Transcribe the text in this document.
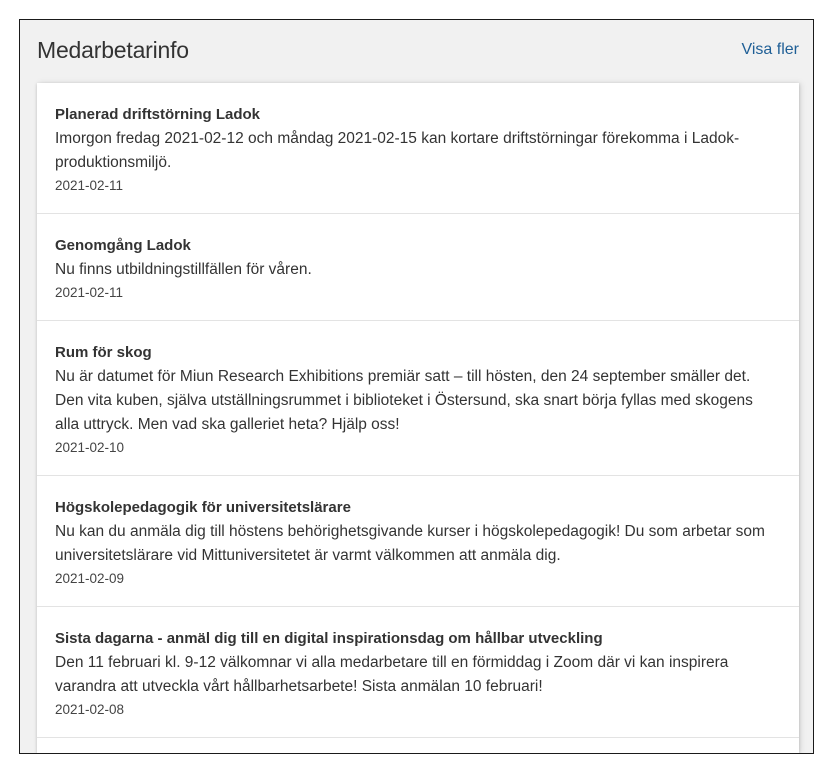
Medarbetarinfo	Visa fler
Planerad driftstörning Ladok
Imorgon fredag 2021-02-12 och måndag 2021-02-15 kan kortare driftstörningar förekomma i Ladok-produktionsmiljö.
2021-02-11
Genomgång Ladok
Nu finns utbildningstillfällen för våren.
2021-02-11
Rum för skog
Nu är datumet för Miun Research Exhibitions premiär satt – till hösten, den 24 september smäller det. Den vita kuben, själva utställningsrummet i biblioteket i Östersund, ska snart börja fyllas med skogens alla uttryck. Men vad ska galleriet heta? Hjälp oss!
2021-02-10
Högskolepedagogik för universitetslärare
Nu kan du anmäla dig till höstens behörighetsgivande kurser i högskolepedagogik! Du som arbetar som universitetslärare vid Mittuniversitetet är varmt välkommen att anmäla dig.
2021-02-09
Sista dagarna - anmäl dig till en digital inspirationsdag om hållbar utveckling
Den 11 februari kl. 9-12 välkomnar vi alla medarbetare till en förmiddag i Zoom där vi kan inspirera varandra att utveckla vårt hållbarhetsarbete! Sista anmälan 10 februari!
2021-02-08
